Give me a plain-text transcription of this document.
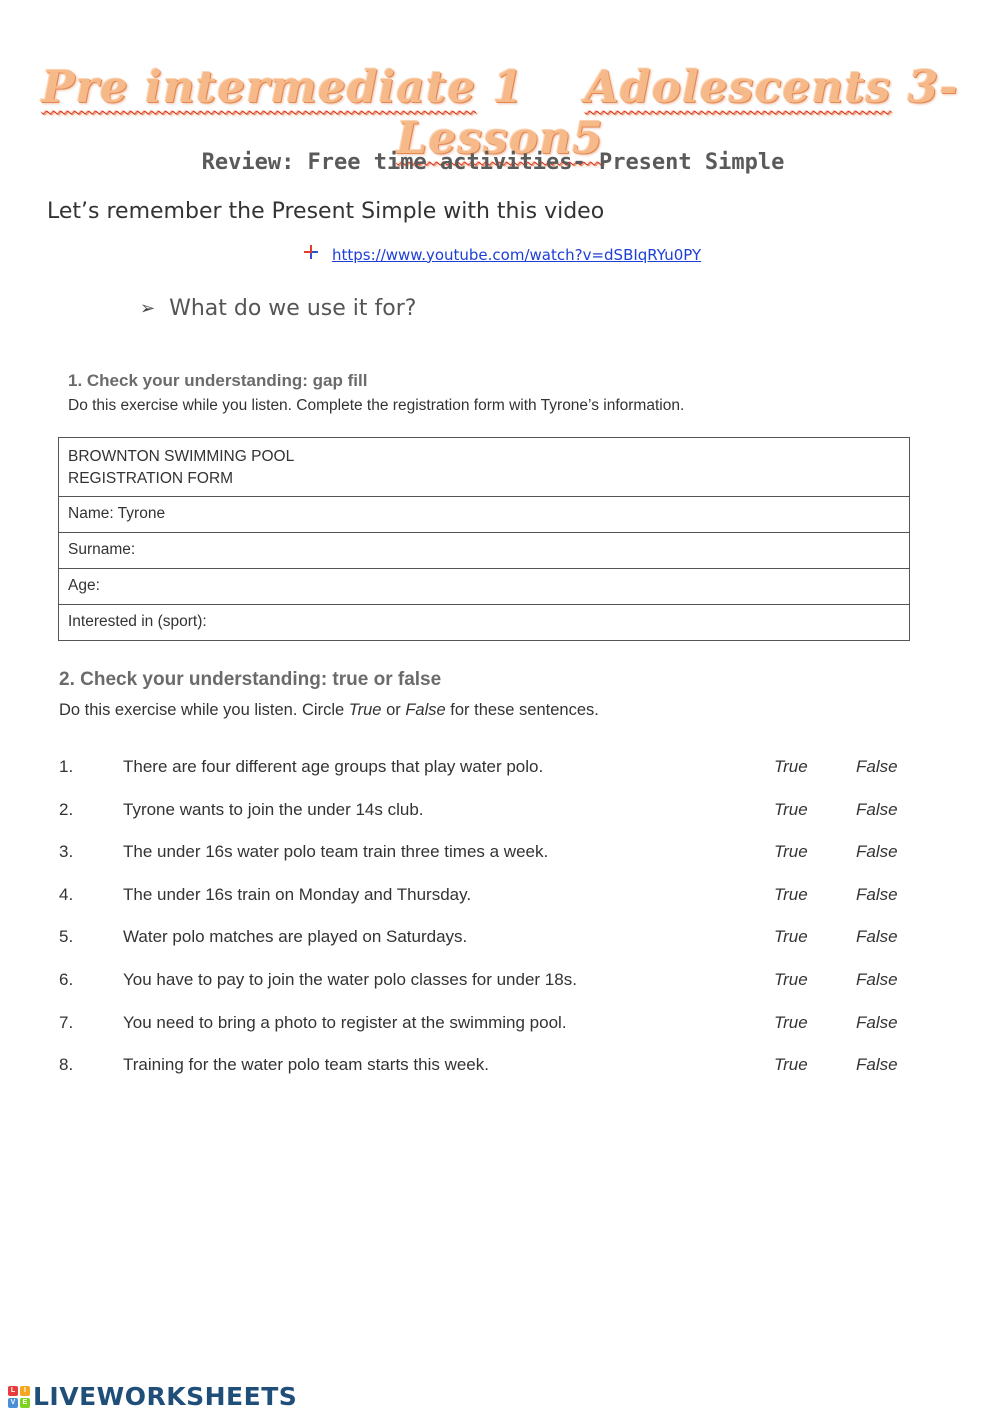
Pre intermediate 1 Adolescents 3- Lesson5
Review: Free time activities- Present Simple
Let’s remember the Present Simple with this video
https://www.youtube.com/watch?v=dSBIqRYu0PY
➢ What do we use it for?
1. Check your understanding: gap fill
Do this exercise while you listen. Complete the registration form with Tyrone’s information.
BROWNTON SWIMMING POOL
REGISTRATION FORM
Name: Tyrone
Surname:
Age:
Interested in (sport):
2. Check your understanding: true or false
Do this exercise while you listen. Circle True or False for these sentences.
1.	There are four different age groups that play water polo.	True	False
2.	Tyrone wants to join the under 14s club.	True	False
3.	The under 16s water polo team train three times a week.	True	False
4.	The under 16s train on Monday and Thursday.	True	False
5.	Water polo matches are played on Saturdays.	True	False
6.	You have to pay to join the water polo classes for under 18s.	True	False
7.	You need to bring a photo to register at the swimming pool.	True	False
8.	Training for the water polo team starts this week.	True	False
L	I
V	E LIVEWORKSHEETS
